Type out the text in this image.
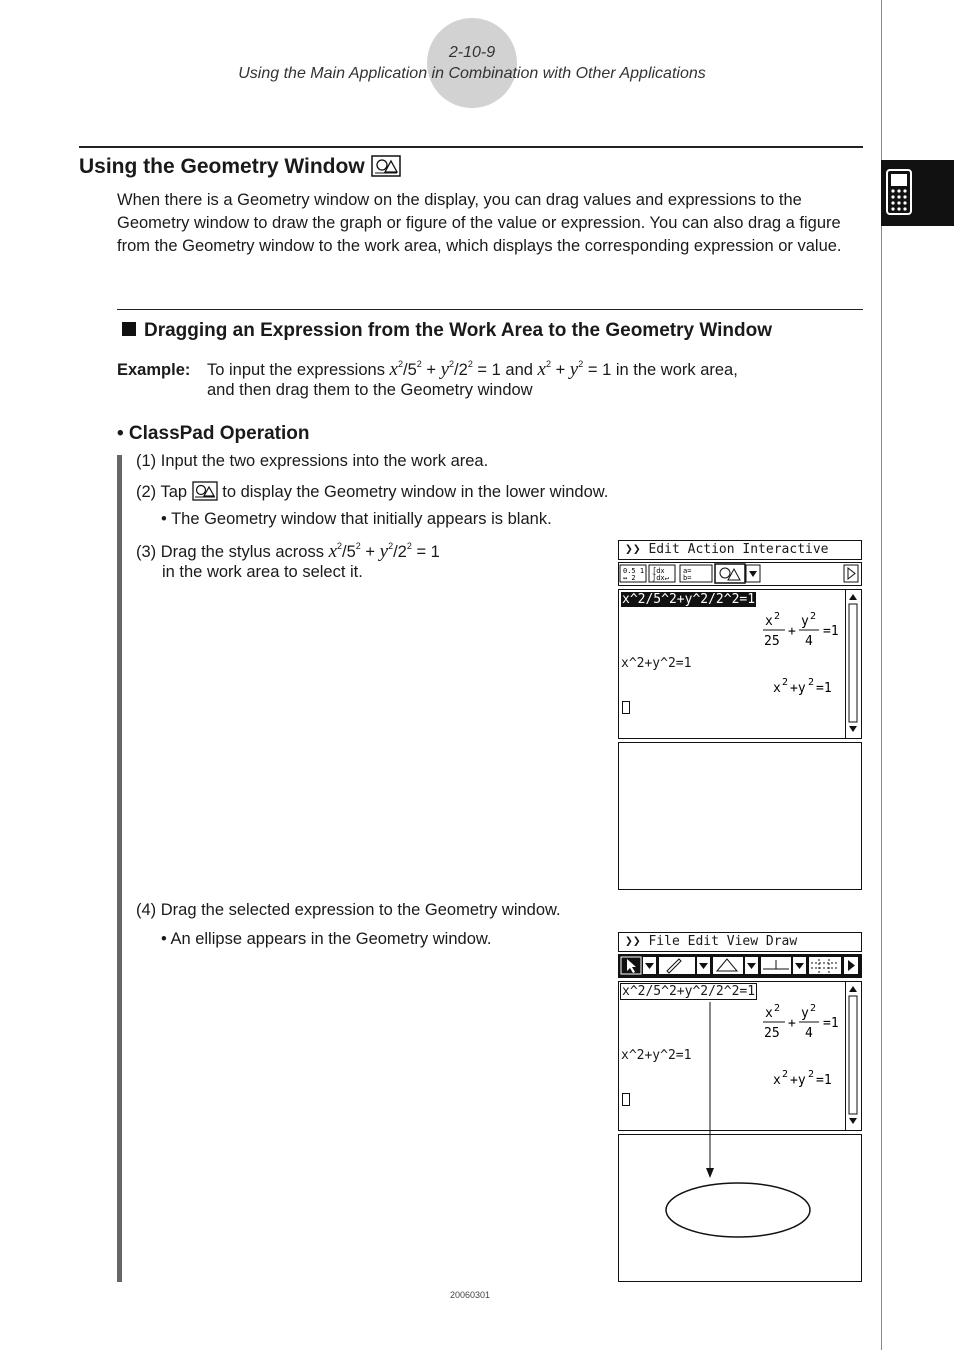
2-10-9
Using the Main Application in Combination with Other Applications
Using the Geometry Window
When there is a Geometry window on the display, you can drag values and expressions to the Geometry window to draw the graph or figure of the value or expression. You can also drag a figure from the Geometry window to the work area, which displays the corresponding expression or value.
Dragging an Expression from the Work Area to the Geometry Window
Example: To input the expressions $x^2/5^2 + y^2/2^2 = 1$ and $x^2 + y^2 = 1$ in the work area,
and then drag them to the Geometry window
• ClassPad Operation
(1) Input the two expressions into the work area.
(2) Tap to display the Geometry window in the lower window.
• The Geometry window that initially appears is blank.
(3) Drag the stylus across $x^2/5^2 + y^2/2^2 = 1$
in the work area to select it.
(4) Drag the selected expression to the Geometry window.
• An ellipse appears in the Geometry window.
❯❯ Edit Action Interactive
0.5 1
↔ 2
∫dx
∫dx↵
a=
b=
x^2/5^2+y^2/2^2=1
x 2
25
+
y 2
4
=1
x^2+y^2=1
x 2 +y 2 =1
❯❯ File Edit View Draw
x^2/5^2+y^2/2^2=1
x 2
25
+
y 2
4
=1
x^2+y^2=1
x 2 +y 2 =1
20060301
